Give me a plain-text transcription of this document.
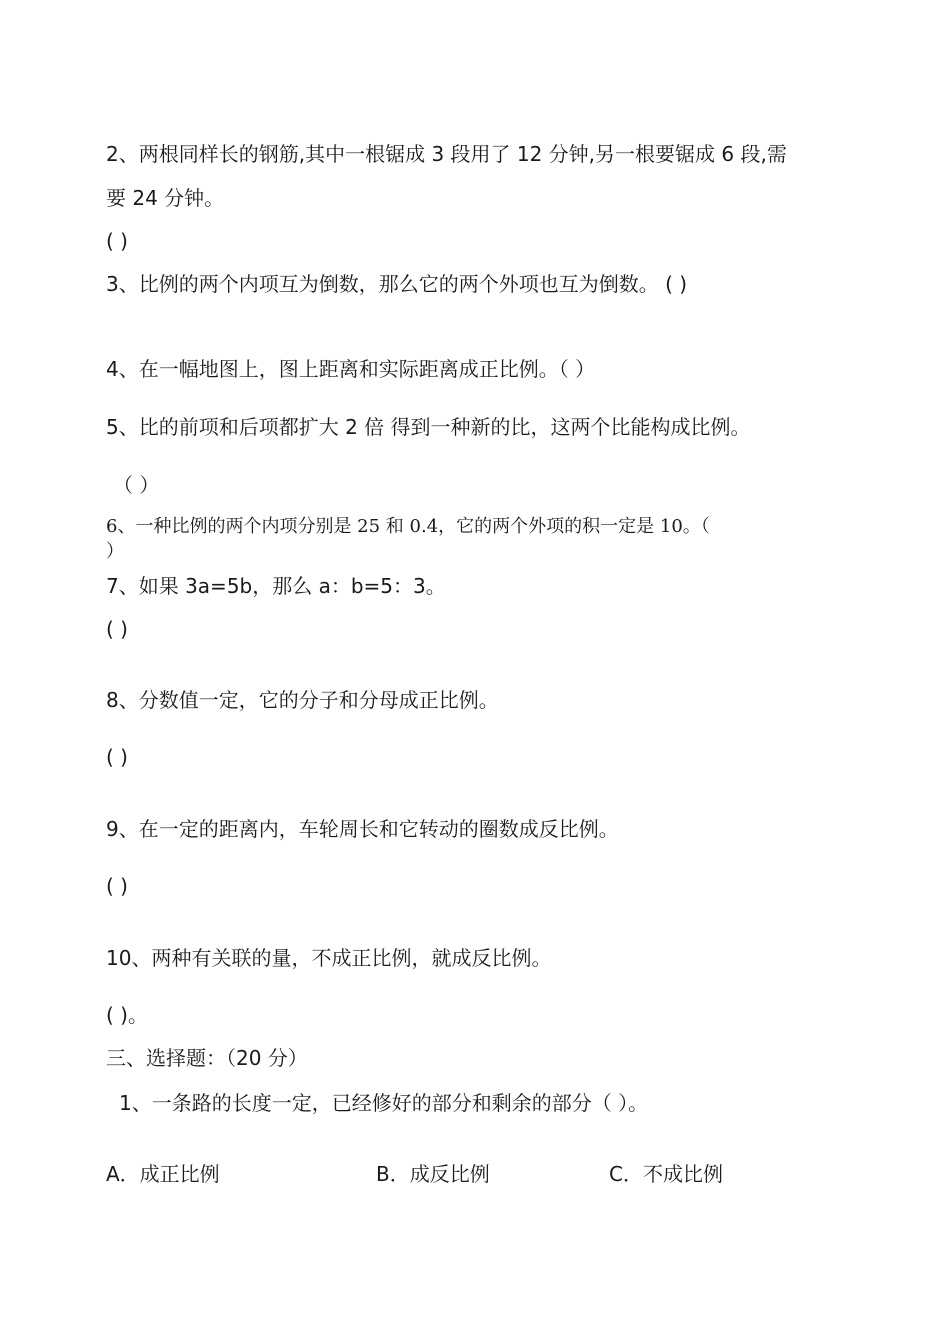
2、两根同样长的钢筋,其中一根锯成 3 段用了 12 分钟,另一根要锯成 6 段,需
要 24 分钟。
( )
3、比例的两个内项互为倒数，那么它的两个外项也互为倒数。 ( )
4、在一幅地图上，图上距离和实际距离成正比例。（ ）
5、比的前项和后项都扩大 2 倍 得到一种新的比，这两个比能构成比例。
（ ）
6、一种比例的两个内项分别是 25 和 0.4，它的两个外项的积一定是 10。（
）
7、如果 3a=5b，那么 a：b=5：3。
( )
8、分数值一定，它的分子和分母成正比例。
( )
9、在一定的距离内，车轮周长和它转动的圈数成反比例。
( )
10、两种有关联的量，不成正比例，就成反比例。
( )。
三、选择题：（20 分）
1、一条路的长度一定，已经修好的部分和剩余的部分（ ）。
A．成正比例	B．成反比例	C．不成比例
